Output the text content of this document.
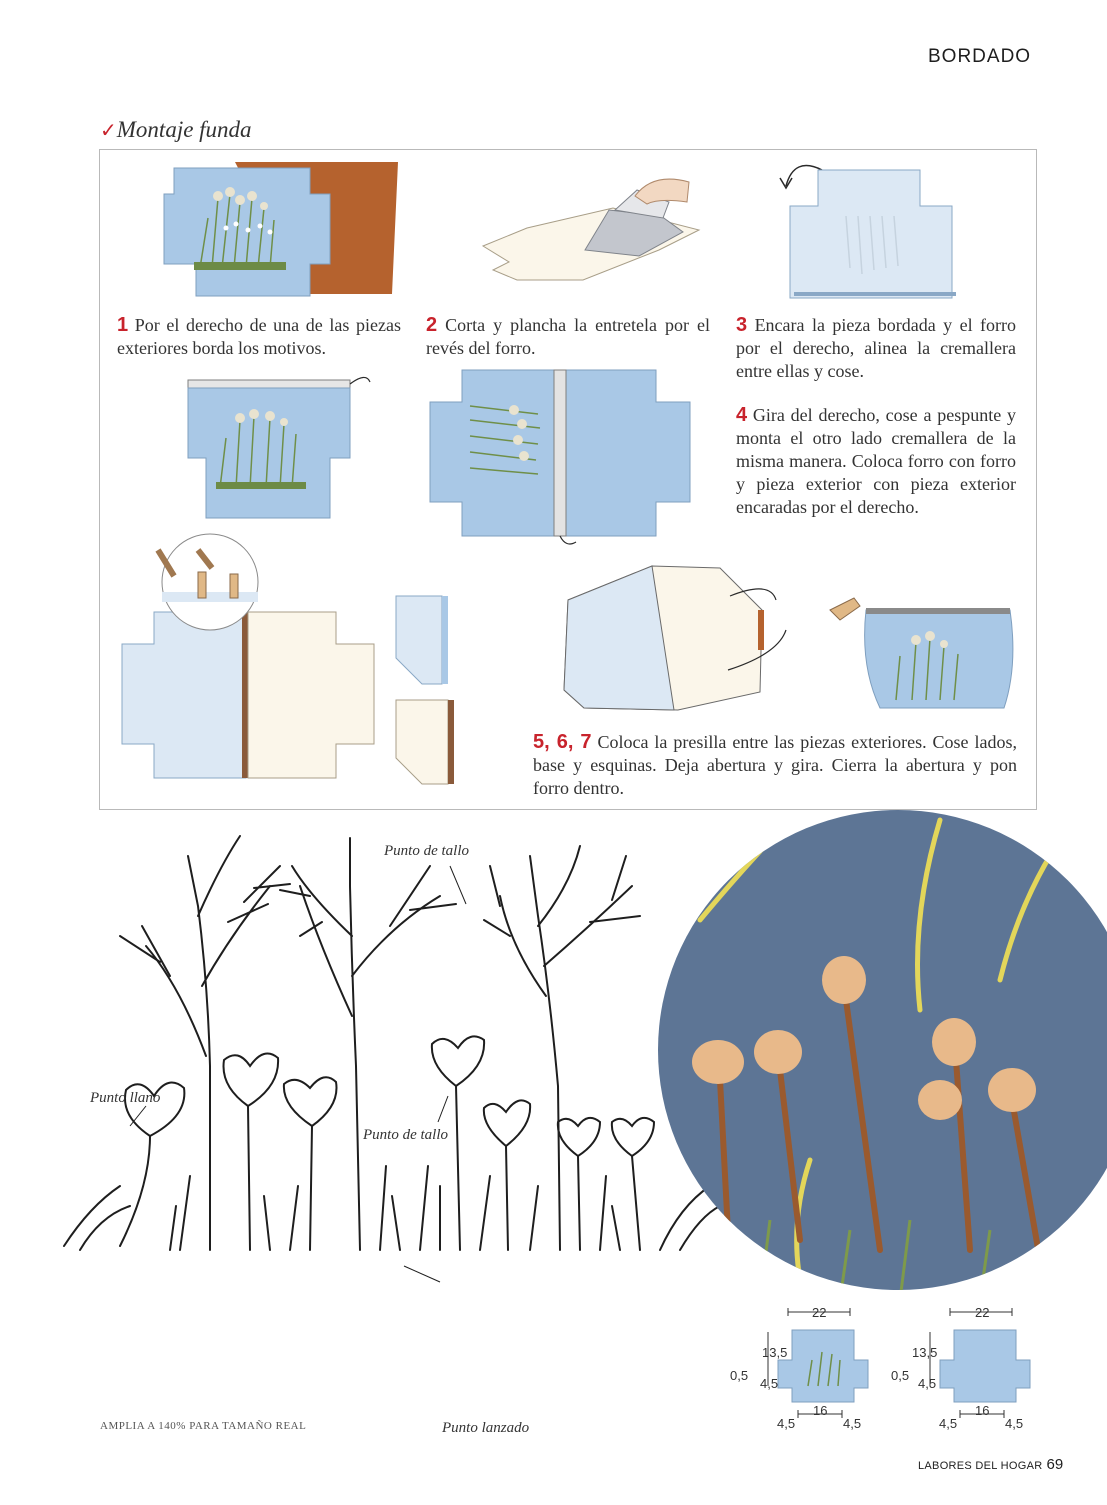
BORDADO
✓Montaje funda
1 Por el derecho de una de las piezas exteriores borda los motivos.
2 Corta y plancha la entretela por el revés del forro.
3 Encara la pieza bordada y el forro por el derecho, alinea la cremallera entre ellas y cose.
4 Gira del derecho, cose a pespunte y monta el otro lado cremallera de la misma manera. Coloca forro con forro y pieza exterior con pieza exterior encaradas por el derecho.
5, 6, 7 Coloca la presilla entre las piezas exteriores. Cose lados, base y esquinas. Deja abertura y gira. Cierra la abertura y pon forro dentro.
Punto de tallo
Punto llano
Punto de tallo
Punto lanzado
AMPLIA A 140% PARA TAMAÑO REAL
22
13,5
0,5
4,5
16
4,5	4,5
22
13,5
0,5
4,5
16
4,5	4,5
LABORES DEL HOGAR 69
